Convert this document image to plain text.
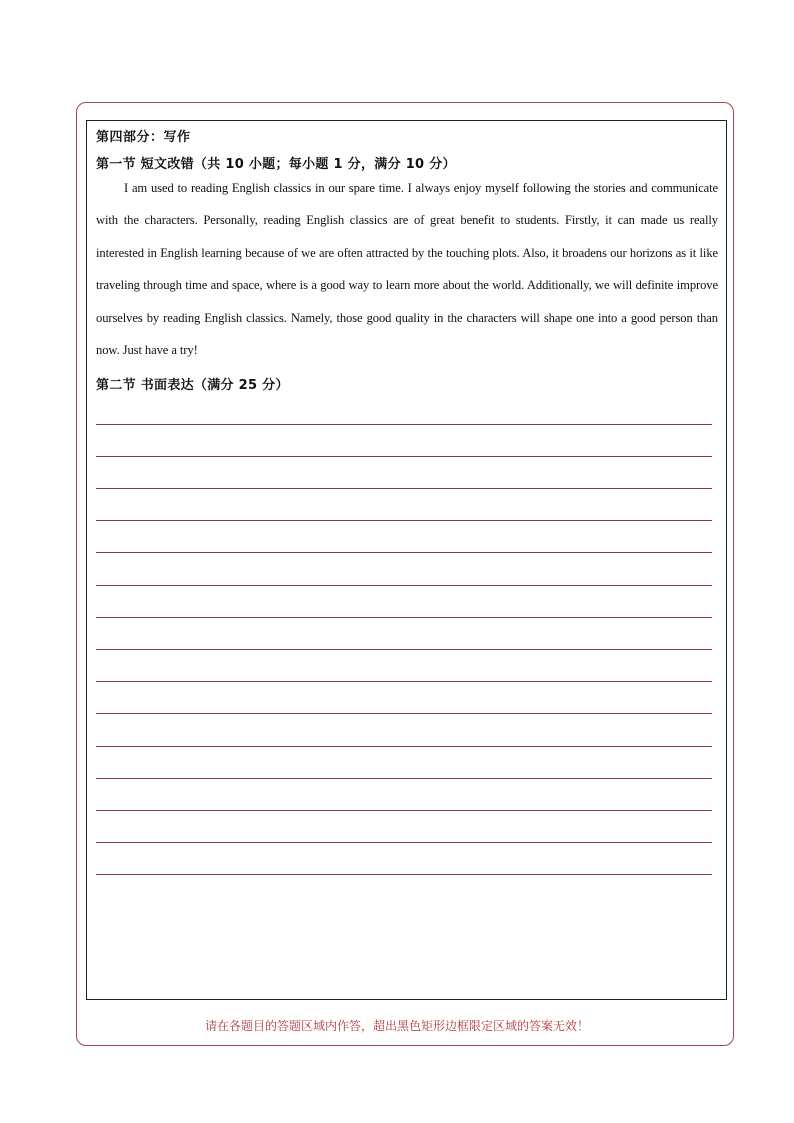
第四部分：写作
第一节 短文改错（共 10 小题；每小题 1 分，满分 10 分）
I am used to reading English classics in our spare time. I always enjoy myself following the stories and communicate with the characters. Personally, reading English classics are of great benefit to students. Firstly, it can made us really interested in English learning because of we are often attracted by the touching plots. Also, it broadens our horizons as it like traveling through time and space, where is a good way to learn more about the world. Additionally, we will definite improve ourselves by reading English classics. Namely, those good quality in the characters will shape one into a good person than now. Just have a try!
第二节 书面表达（满分 25 分）
请在各题目的答题区域内作答，超出黑色矩形边框限定区域的答案无效！
